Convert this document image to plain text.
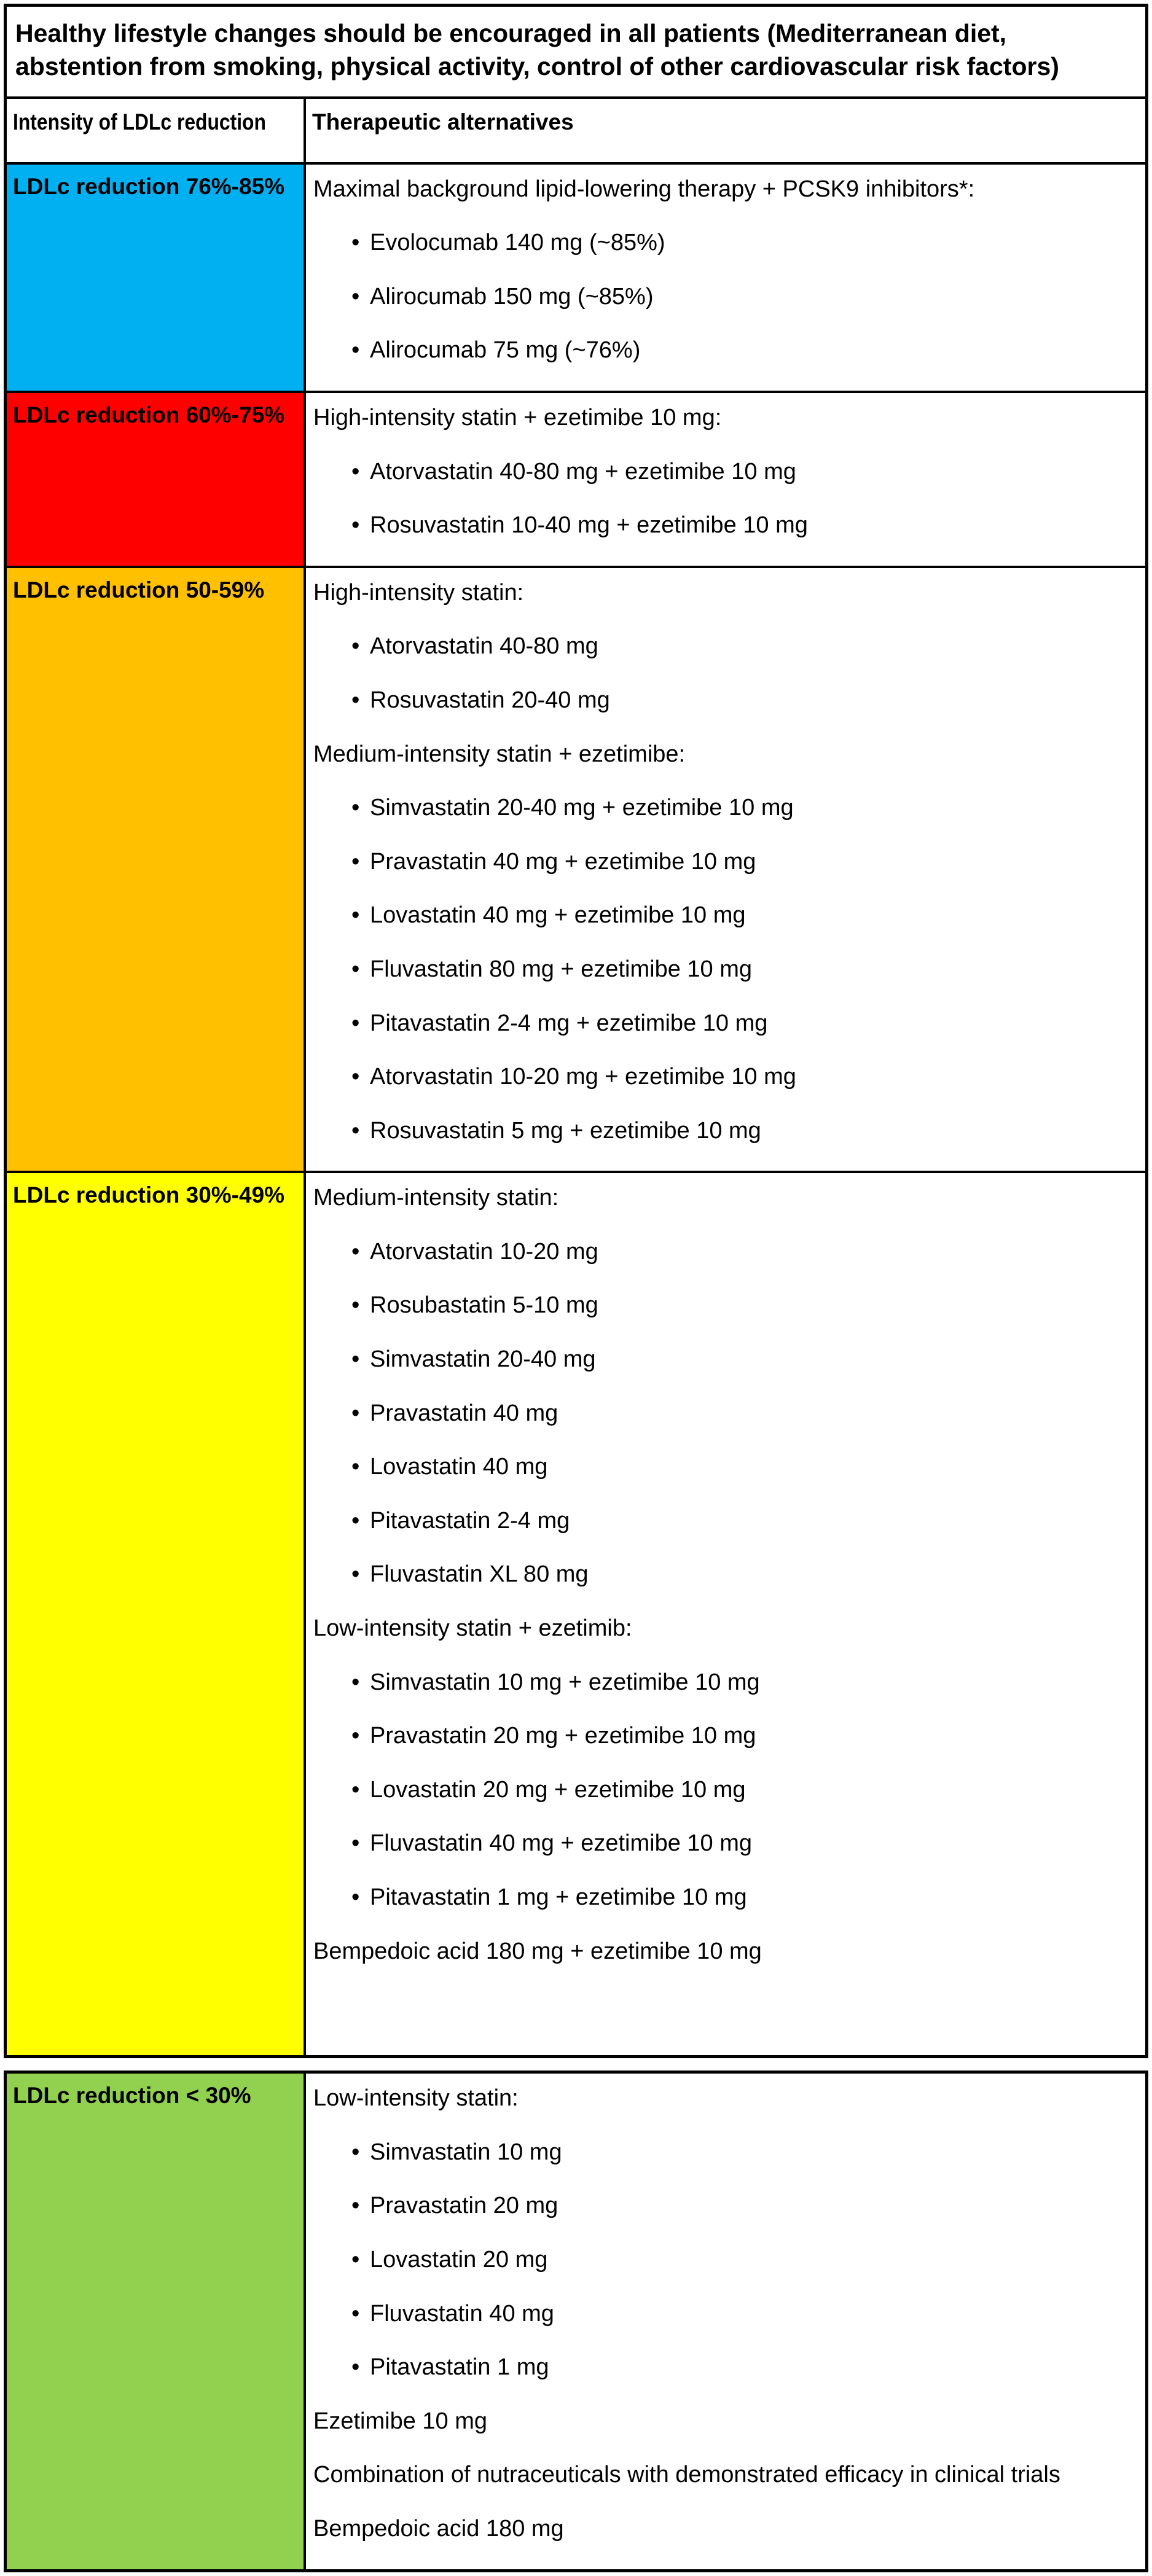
Healthy lifestyle changes should be encouraged in all patients (Mediterranean diet, abstention from smoking, physical activity, control of other cardiovascular risk factors)
Intensity of LDLc reduction	Therapeutic alternatives
LDLc reduction 76%-85%	Maximal background lipid-lowering therapy + PCSK9 inhibitors*:
• Evolocumab 140 mg (~85%)
• Alirocumab 150 mg (~85%)
• Alirocumab 75 mg (~76%)
LDLc reduction 60%-75%	High-intensity statin + ezetimibe 10 mg:
• Atorvastatin 40-80 mg + ezetimibe 10 mg
• Rosuvastatin 10-40 mg + ezetimibe 10 mg
LDLc reduction 50-59%	High-intensity statin:
• Atorvastatin 40-80 mg
• Rosuvastatin 20-40 mg
Medium-intensity statin + ezetimibe:
• Simvastatin 20-40 mg + ezetimibe 10 mg
• Pravastatin 40 mg + ezetimibe 10 mg
• Lovastatin 40 mg + ezetimibe 10 mg
• Fluvastatin 80 mg + ezetimibe 10 mg
• Pitavastatin 2-4 mg + ezetimibe 10 mg
• Atorvastatin 10-20 mg + ezetimibe 10 mg
• Rosuvastatin 5 mg + ezetimibe 10 mg
LDLc reduction 30%-49%	Medium-intensity statin:
• Atorvastatin 10-20 mg
• Rosubastatin 5-10 mg
• Simvastatin 20-40 mg
• Pravastatin 40 mg
• Lovastatin 40 mg
• Pitavastatin 2-4 mg
• Fluvastatin XL 80 mg
Low-intensity statin + ezetimib:
• Simvastatin 10 mg + ezetimibe 10 mg
• Pravastatin 20 mg + ezetimibe 10 mg
• Lovastatin 20 mg + ezetimibe 10 mg
• Fluvastatin 40 mg + ezetimibe 10 mg
• Pitavastatin 1 mg + ezetimibe 10 mg
Bempedoic acid 180 mg + ezetimibe 10 mg
LDLc reduction < 30%	Low-intensity statin:
• Simvastatin 10 mg
• Pravastatin 20 mg
• Lovastatin 20 mg
• Fluvastatin 40 mg
• Pitavastatin 1 mg
Ezetimibe 10 mg
Combination of nutraceuticals with demonstrated efficacy in clinical trials
Bempedoic acid 180 mg
